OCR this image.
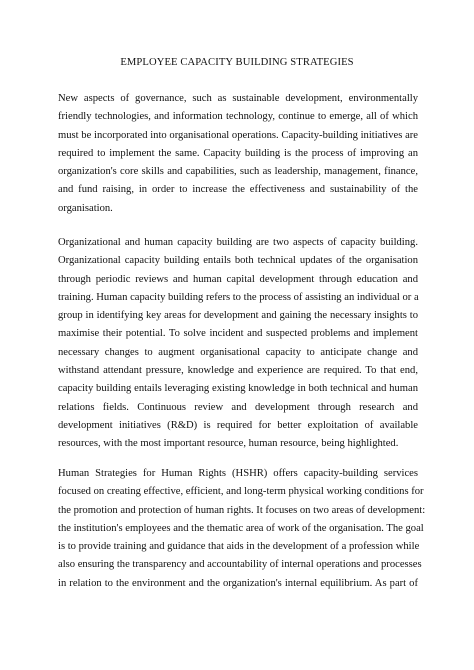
EMPLOYEE CAPACITY BUILDING STRATEGIES
New aspects of governance, such as sustainable development, environmentally
friendly technologies, and information technology, continue to emerge, all of which
must be incorporated into organisational operations. Capacity-building initiatives are
required to implement the same. Capacity building is the process of improving an
organization's core skills and capabilities, such as leadership, management, finance,
and fund raising, in order to increase the effectiveness and sustainability of the
organisation.
Organizational and human capacity building are two aspects of capacity building.
Organizational capacity building entails both technical updates of the organisation
through periodic reviews and human capital development through education and
training. Human capacity building refers to the process of assisting an individual or a
group in identifying key areas for development and gaining the necessary insights to
maximise their potential. To solve incident and suspected problems and implement
necessary changes to augment organisational capacity to anticipate change and
withstand attendant pressure, knowledge and experience are required. To that end,
capacity building entails leveraging existing knowledge in both technical and human
relations fields. Continuous review and development through research and
development initiatives (R&D) is required for better exploitation of available
resources, with the most important resource, human resource, being highlighted.
Human Strategies for Human Rights (HSHR) offers capacity-building services
focused on creating effective, efficient, and long-term physical working conditions for
the promotion and protection of human rights. It focuses on two areas of development:
the institution's employees and the thematic area of work of the organisation. The goal
is to provide training and guidance that aids in the development of a profession while
also ensuring the transparency and accountability of internal operations and processes
in relation to the environment and the organization's internal equilibrium. As part of
